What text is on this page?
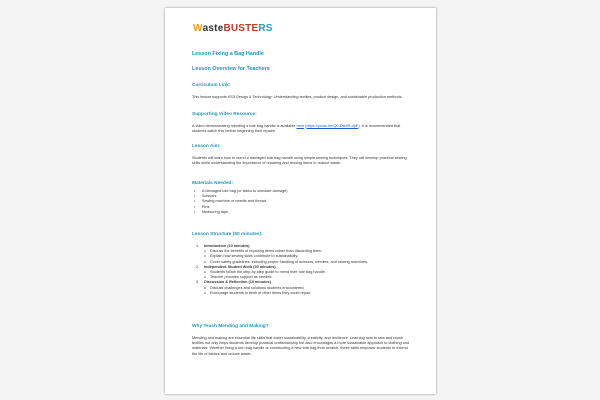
W aste BUSTE RS

Lesson Fixing a Bag Handle

Lesson Overview for Teachers

Curriculum Link:

This lesson supports KS3 Design & Technology: Understanding textiles, product design, and sustainable production methods.

Supporting Video Resource:

A video demonstrating mending a tote bag handle is available here (https://youtu.be/Q0-DsMR-dpE). It is recommended that students watch this before beginning their repairs.

Lesson Aim:

Students will learn how to mend a damaged tote bag handle using simple sewing techniques. They will develop practical sewing skills while understanding the importance of repairing and reusing items to reduce waste.

Materials Needed:

• A damaged tote bag (or fabric to simulate damage)
• Scissors
• Sewing machine or needle and thread
• Pins
• Measuring tape

Lesson Structure (50 minutes):

1. Introduction (10 minutes)
o Discuss the benefits of repairing items rather than discarding them.
o Explain how sewing skills contribute to sustainability.
o Cover safety guidelines, including proper handling of scissors, needles, and sewing machines.
2. Independent Student Work (30 minutes)
o Students follow the step-by-step guide to mend their tote bag handle.
o Teacher provides support as needed.
3. Discussion & Reflection (10 minutes)
o Discuss challenges and solutions students encountered.
o Encourage students to think of other items they could repair.

Why Teach Mending and Making?

Mending and making are essential life skills that foster sustainability, creativity, and resilience. Learning how to sew and repair textiles not only helps students develop practical craftsmanship but also encourages a more sustainable approach to clothing and materials. Whether fixing a torn bag handle or constructing a new tote bag from scratch, these skills empower students to extend the life of fabrics and reduce waste.
